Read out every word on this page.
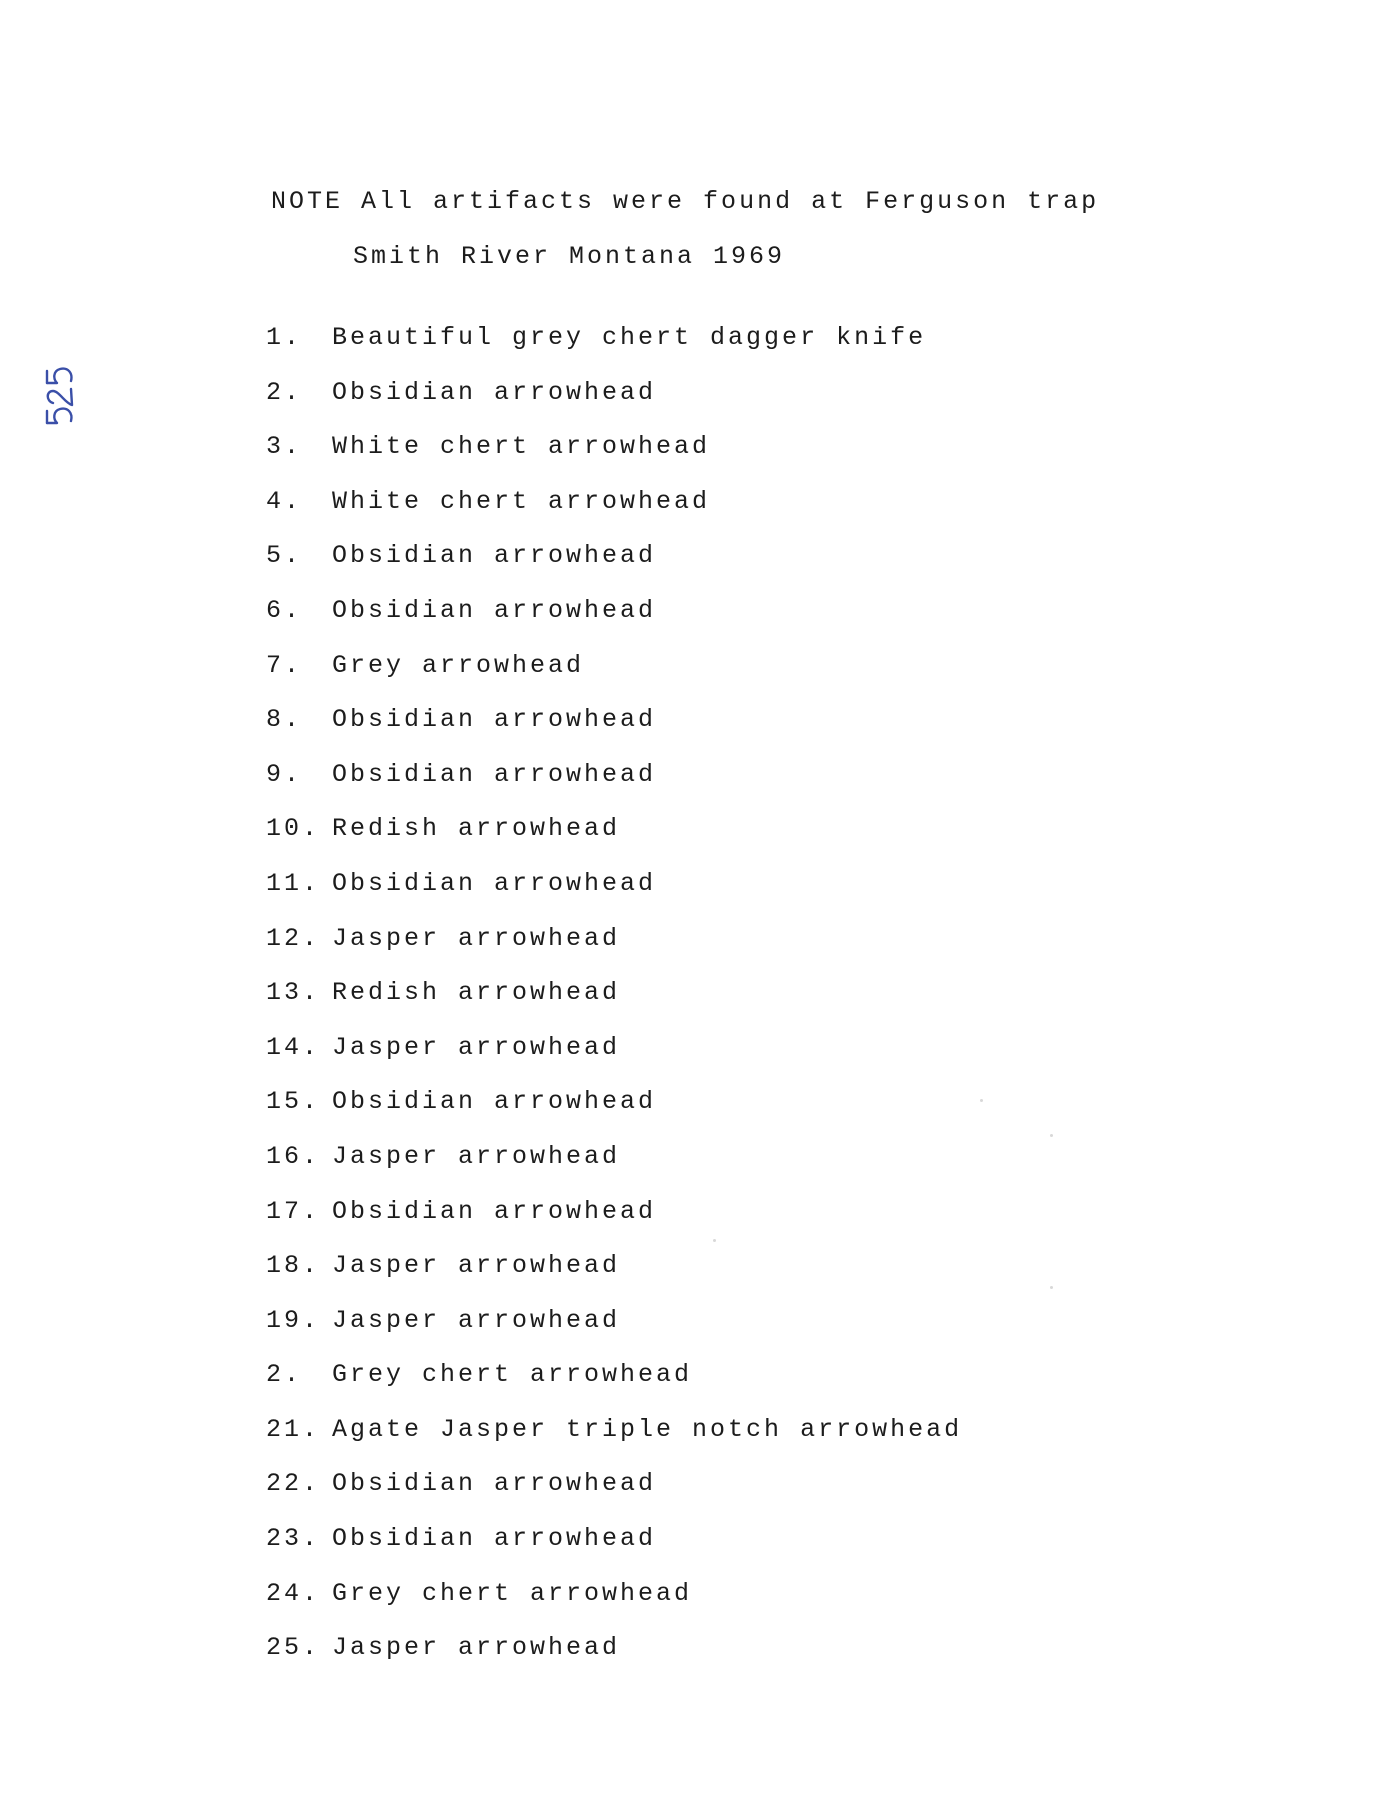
NOTE All artifacts were found at Ferguson trap
Smith River Montana 1969
1. Beautiful grey chert dagger knife
2. Obsidian arrowhead
3. White chert arrowhead
4. White chert arrowhead
5. Obsidian arrowhead
6. Obsidian arrowhead
7. Grey arrowhead
8. Obsidian arrowhead
9. Obsidian arrowhead
10. Redish arrowhead
11. Obsidian arrowhead
12. Jasper arrowhead
13. Redish arrowhead
14. Jasper arrowhead
15. Obsidian arrowhead
16. Jasper arrowhead
17. Obsidian arrowhead
18. Jasper arrowhead
19. Jasper arrowhead
2. Grey chert arrowhead
21. Agate Jasper triple notch arrowhead
22. Obsidian arrowhead
23. Obsidian arrowhead
24. Grey chert arrowhead
25. Jasper arrowhead
